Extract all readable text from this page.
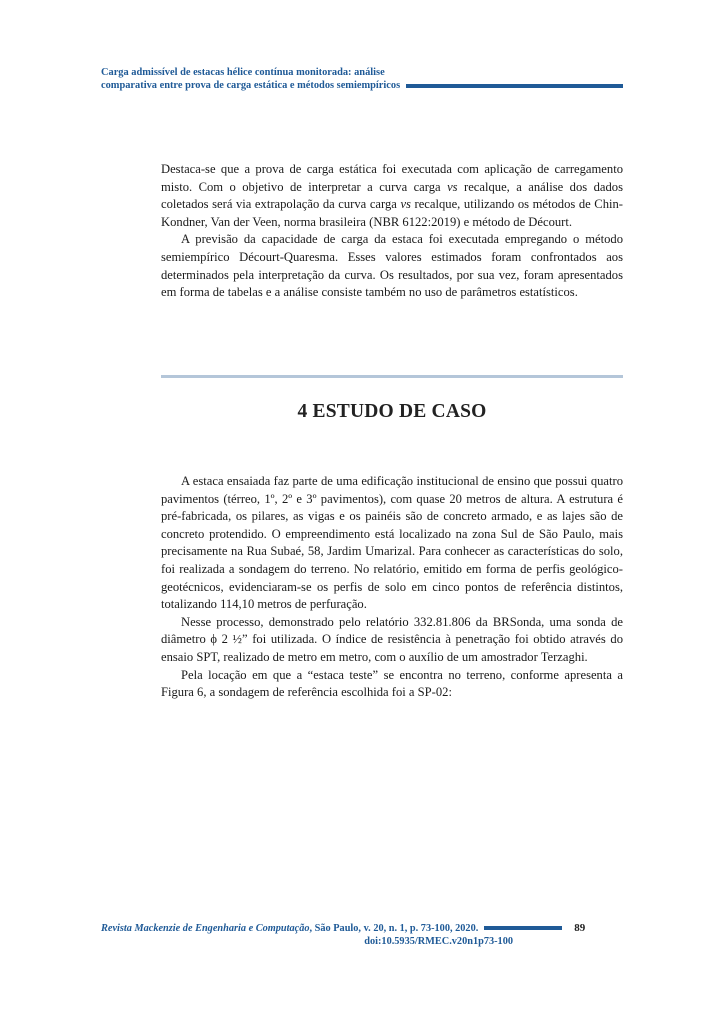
Carga admissível de estacas hélice contínua monitorada: análise
comparativa entre prova de carga estática e métodos semiempíricos

Destaca-se que a prova de carga estática foi executada com aplicação de carregamento misto. Com o objetivo de interpretar a curva carga vs recalque, a análise dos dados coletados será via extrapolação da curva carga vs recalque, utilizando os métodos de Chin-Kondner, Van der Veen, norma brasileira (NBR 6122:2019) e método de Décourt.

A previsão da capacidade de carga da estaca foi executada empregando o método semiempírico Décourt-Quaresma. Esses valores estimados foram confrontados aos determinados pela interpretação da curva. Os resultados, por sua vez, foram apresentados em forma de tabelas e a análise consiste também no uso de parâmetros estatísticos.

4 ESTUDO DE CASO

A estaca ensaiada faz parte de uma edificação institucional de ensino que possui quatro pavimentos (térreo, 1º, 2º e 3º pavimentos), com quase 20 metros de altura. A estrutura é pré-fabricada, os pilares, as vigas e os painéis são de concreto armado, e as lajes são de concreto protendido. O empreendimento está localizado na zona Sul de São Paulo, mais precisamente na Rua Subaé, 58, Jardim Umarizal. Para conhecer as características do solo, foi realizada a sondagem do terreno. No relatório, emitido em forma de perfis geológico-geotécnicos, evidenciaram-se os perfis de solo em cinco pontos de referência distintos, totalizando 114,10 metros de perfuração.

Nesse processo, demonstrado pelo relatório 332.81.806 da BRSonda, uma sonda de diâmetro ϕ 2 ½” foi utilizada. O índice de resistência à penetração foi obtido através do ensaio SPT, realizado de metro em metro, com o auxílio de um amostrador Terzaghi.

Pela locação em que a “estaca teste” se encontra no terreno, conforme apresenta a Figura 6, a sondagem de referência escolhida foi a SP-02:

Revista Mackenzie de Engenharia e Computação , São Paulo, v. 20, n. 1, p. 73-100, 2020.	89
doi:10.5935/RMEC.v20n1p73-100
